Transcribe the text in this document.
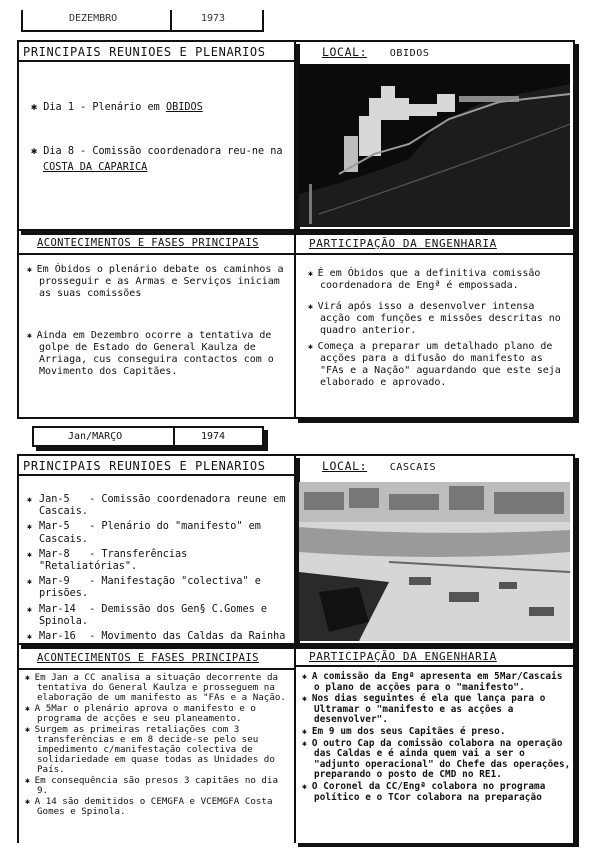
DEZEMBRO	1973
PRINCIPAIS REUNIOES E PLENARIOS
✱ Dia 1 - Plenário em OBIDOS
✱ Dia 8 - Comissão coordenadora reu-ne na COSTA DA CAPARICA
LOCAL: OBIDOS
ACONTECIMENTOS E FASES PRINCIPAIS

✱ Em Óbidos o plenário debate os caminhos a prosseguir e as Armas e Serviços iniciam as suas comissões

✱ Ainda em Dezembro ocorre a tentativa de golpe de Estado do General Kaulza de Arriaga, cus conseguira contactos com o Movimento dos Capitães.

PARTICIPAÇÃO DA ENGENHARIA

✱ É em Óbidos que a definitiva comissão coordenadora de Engª é empossada.

✱ Virá após isso a desenvolver intensa acção com funções e missões descritas no quadro anterior.

✱ Começa a preparar um detalhado plano de acções para a difusão do manifesto as "FAs e a Nação" aguardando que este seja elaborado e aprovado.

Jan/MARÇO	1974
PRINCIPAIS REUNIOES E PLENARIOS
✱ Jan-5 - Comissão coordenadora reune em Cascais.
✱ Mar-5 - Plenário do "manifesto" em Cascais.
✱ Mar-8 - Transferências "Retaliatórias".
✱ Mar-9 - Manifestação "colectiva" e prisões.
✱ Mar-14 - Demissão dos Gen§ C.Gomes e Spinola.
✱ Mar-16 - Movimento das Caldas da Rainha
LOCAL: CASCAIS
ACONTECIMENTOS E FASES PRINCIPAIS

✱ Em Jan a CC analisa a situação decorrente da tentativa do General Kaulza e prosseguem na elaboração de um manifesto as "FAs e a Nação.

✱ A 5Mar o plenário aprova o manifesto e o programa de acções e seu planeamento.

✱ Surgem as primeiras retaliações com 3 transferências e em 8 decide-se pelo seu impedimento c/manifestação colectiva de solidariedade em quase todas as Unidades do País.

✱ Em consequência são presos 3 capitães no dia 9.

✱ A 14 são demitidos o CEMGFA e VCEMGFA Costa Gomes e Spinola.

PARTICIPAÇÃO DA ENGENHARIA

✱ A comissão da Engª apresenta em 5Mar/Cascais o plano de acções para o "manifesto".

✱ Nos dias seguintes é ela que lança para o Ultramar o "manifesto e as acções a desenvolver".

✱ Em 9 um dos seus Capitães é preso.

✱ O outro Cap da comissão colabora na operação das Caldas e é ainda quem vai a ser o "adjunto operacional" do Chefe das operações, preparando o posto de CMD no RE1.

✱ O Coronel da CC/Engª colabora no programa político e o TCor colabora na preparação
